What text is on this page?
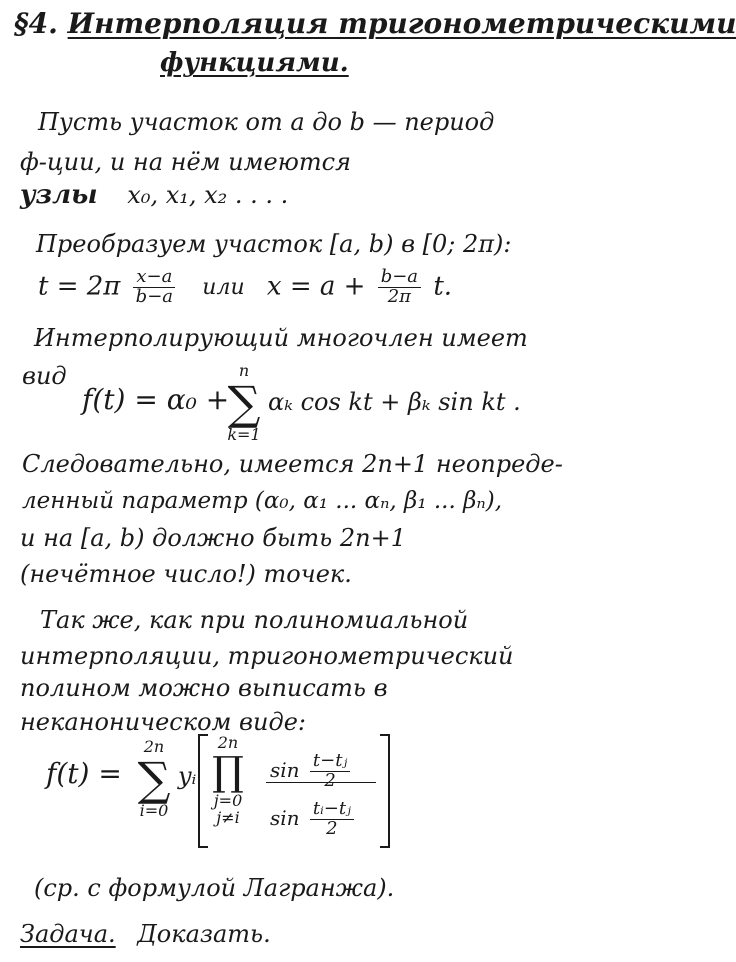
§4. Интерполяция тригонометрическими
функциями.
Пусть участок от a до b — период
ф-ции, и на нём имеются
узлы x₀, x₁, x₂ . . . .
Преобразуем участок [a, b) в [0; 2π):
$t = 2\pi \frac{x-a}{b-a}$ или $x = a + \frac{b-a}{2\pi} t$.
Интерполирующий многочлен имеет
вид
f(t) = α₀ +
n
∑
k=1
αₖ cos kt + βₖ sin kt .
Следовательно, имеется 2n+1 неопреде-
ленный параметр (α₀, α₁ ... αₙ, β₁ ... βₙ),
и на [a, b) должно быть 2n+1
(нечётное число!) точек.
Так же, как при полиномиальной
интерполяции, тригонометрический
полином можно выписать в
неканоническом виде:
f(t) =
2n
∑
i=0
yᵢ
2n
∏
j=0
j≠i
$\sin \frac{\text{t−tⱼ}}{2}$
$\sin \frac{\text{tᵢ−tⱼ}}{2}$
(ср. с формулой Лагранжа).
Задача. Доказать.
